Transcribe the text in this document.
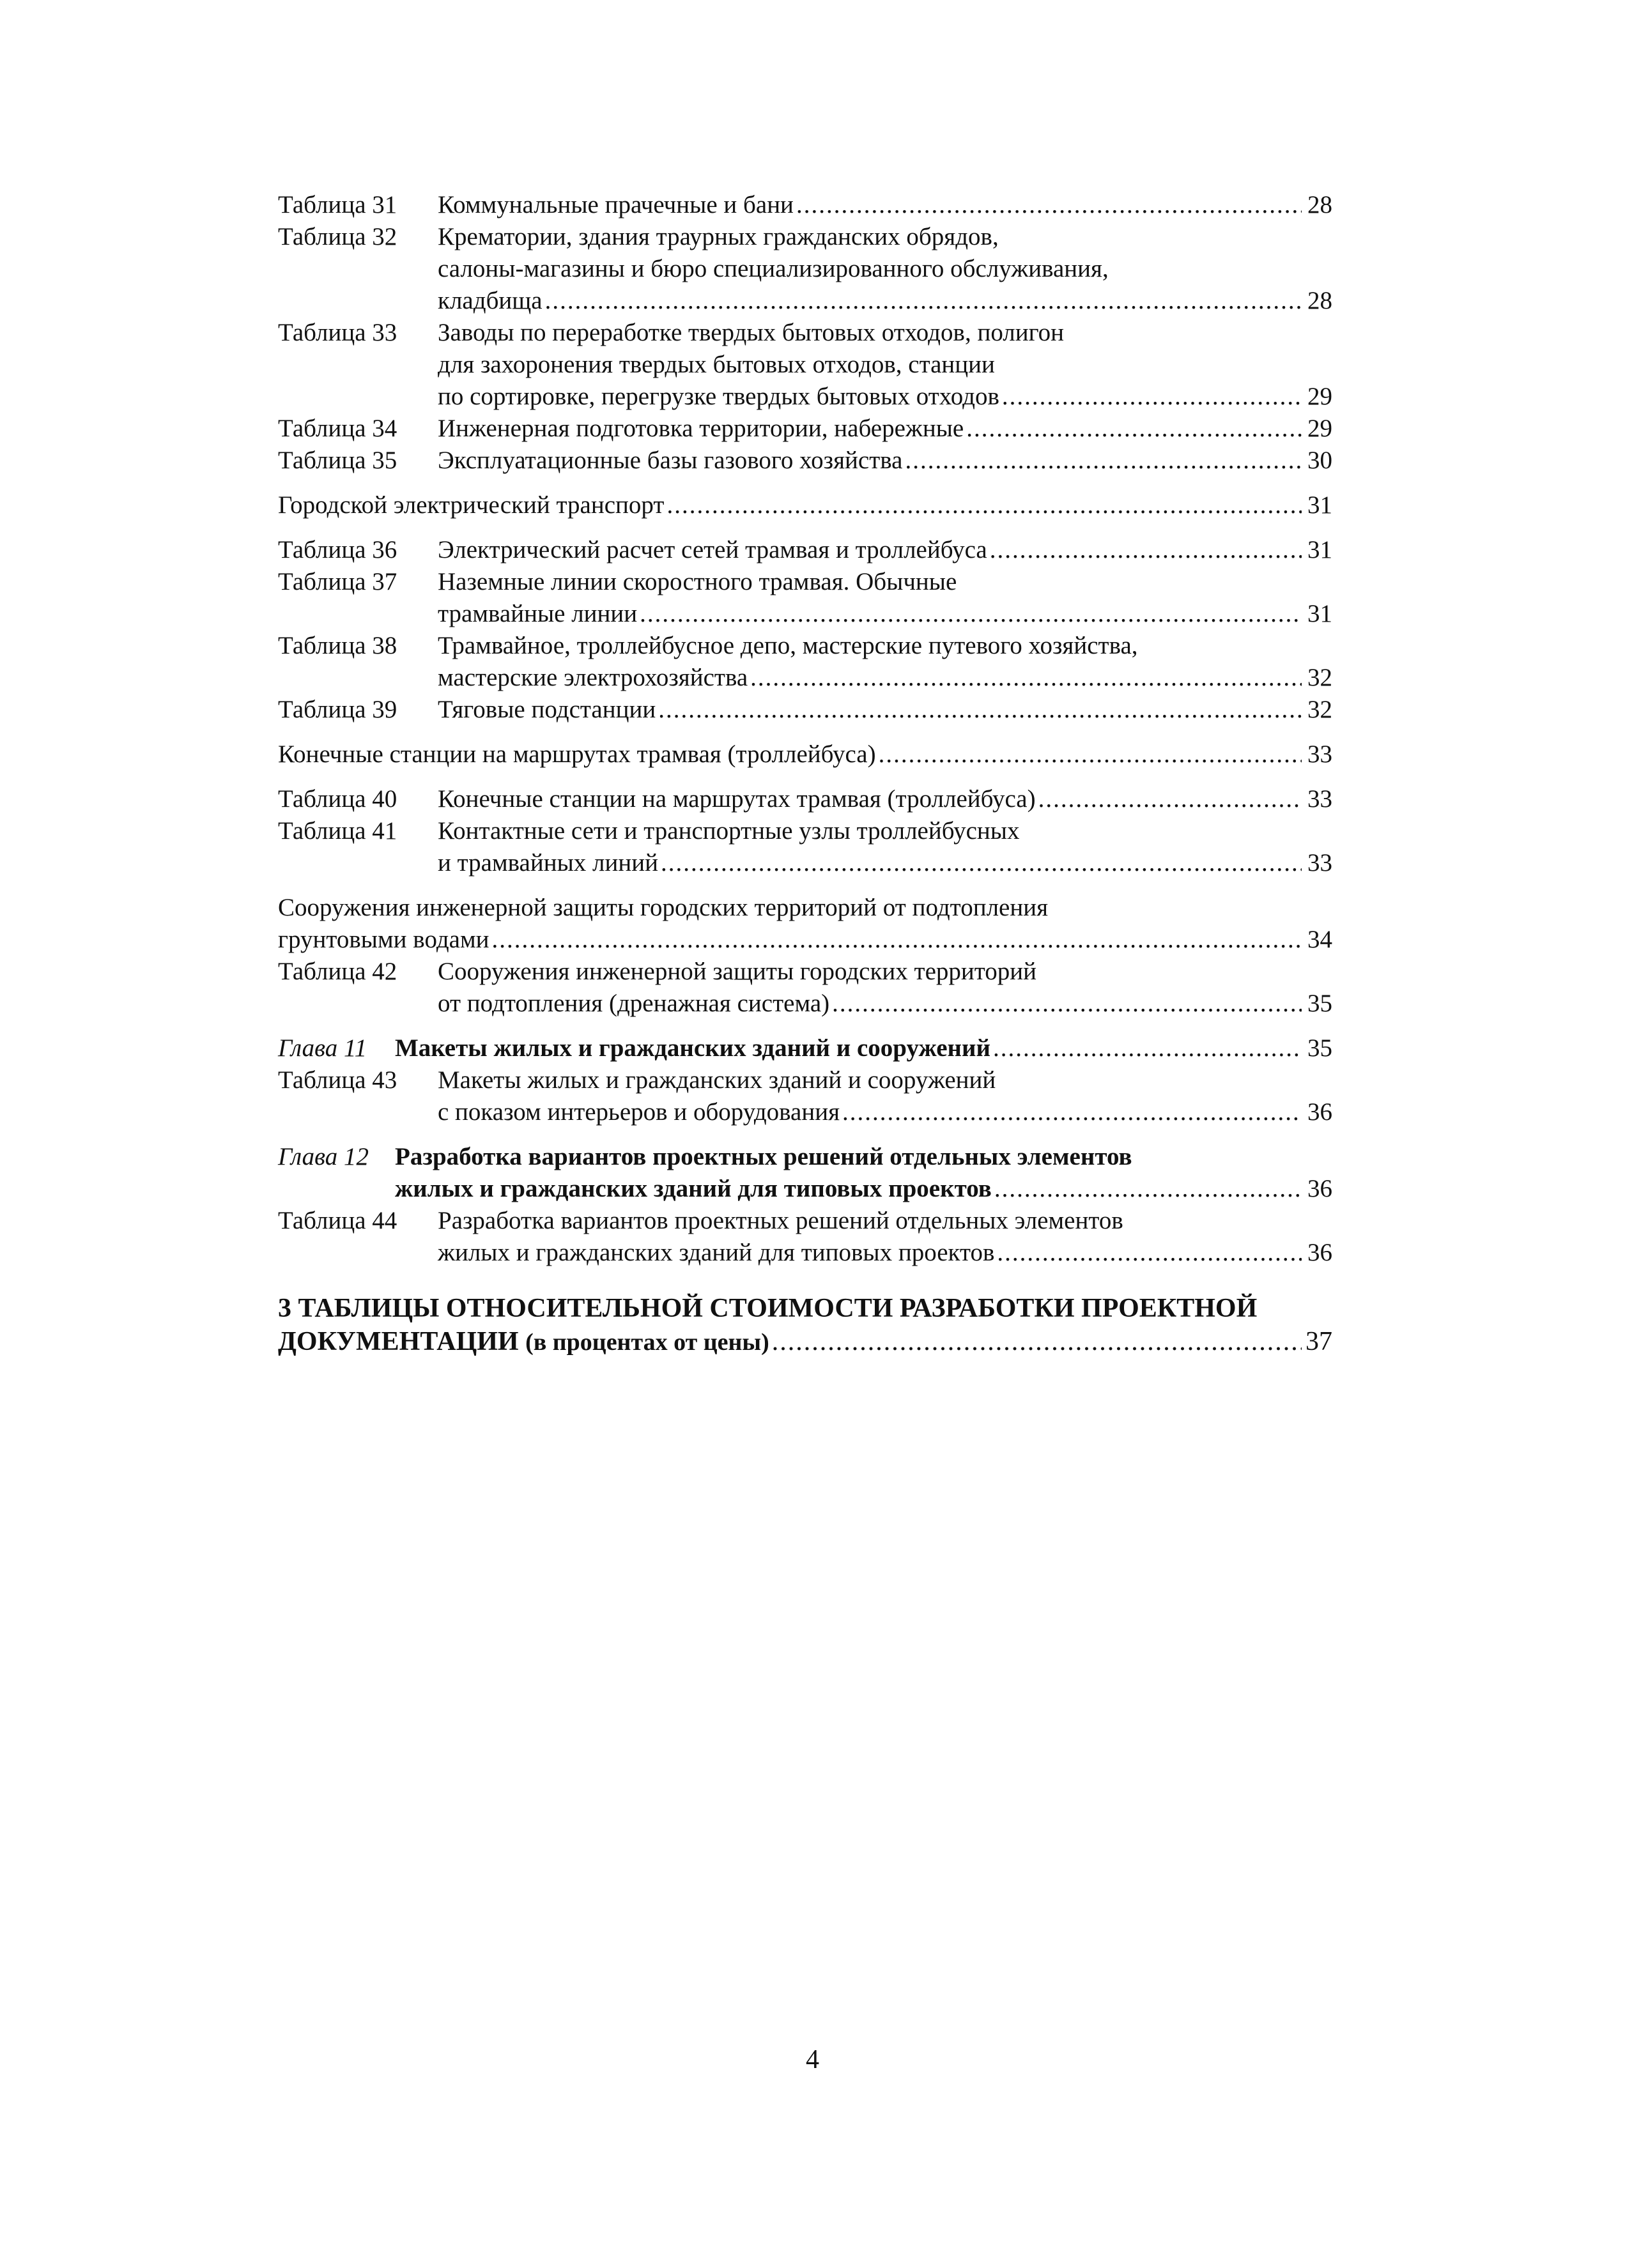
Таблица 31	Коммунальные прачечные и бани .....	28
Таблица 32	Крематории, здания траурных гражданских обрядов,
салоны-магазины и бюро специализированного обслуживания,
кладбища .....	28
Таблица 33	Заводы по переработке твердых бытовых отходов, полигон
для захоронения твердых бытовых отходов, станции
по сортировке, перегрузке твердых бытовых отходов .....	29
Таблица 34	Инженерная подготовка территории, набережные .....	29
Таблица 35	Эксплуатационные базы газового хозяйства .....	30
Городской электрический транспорт .....	31
Таблица 36	Электрический расчет сетей трамвая и троллейбуса .....	31
Таблица 37	Наземные линии скоростного трамвая. Обычные
трамвайные линии .....	31
Таблица 38	Трамвайное, троллейбусное депо, мастерские путевого хозяйства,
мастерские электрохозяйства .....	32
Таблица 39	Тяговые подстанции .....	32
Конечные станции на маршрутах трамвая (троллейбуса) .....	33
Таблица 40	Конечные станции на маршрутах трамвая (троллейбуса) .....	33
Таблица 41	Контактные сети и транспортные узлы троллейбусных
и трамвайных линий .....	33
Сооружения инженерной защиты городских территорий от подтопления
грунтовыми водами .....	34
Таблица 42	Сооружения инженерной защиты городских территорий
от подтопления (дренажная система) .....	35
Глава 11	Макеты жилых и гражданских зданий и сооружений .....	35
Таблица 43	Макеты жилых и гражданских зданий и сооружений
с показом интерьеров и оборудования .....	36
Глава 12	Разработка вариантов проектных решений отдельных элементов
жилых и гражданских зданий для типовых проектов .....	36
Таблица 44	Разработка вариантов проектных решений отдельных элементов
жилых и гражданских зданий для типовых проектов .....	36
3 ТАБЛИЦЫ ОТНОСИТЕЛЬНОЙ СТОИМОСТИ РАЗРАБОТКИ ПРОЕКТНОЙ
ДОКУМЕНТАЦИИ (в процентах от цены) .....	37
4
